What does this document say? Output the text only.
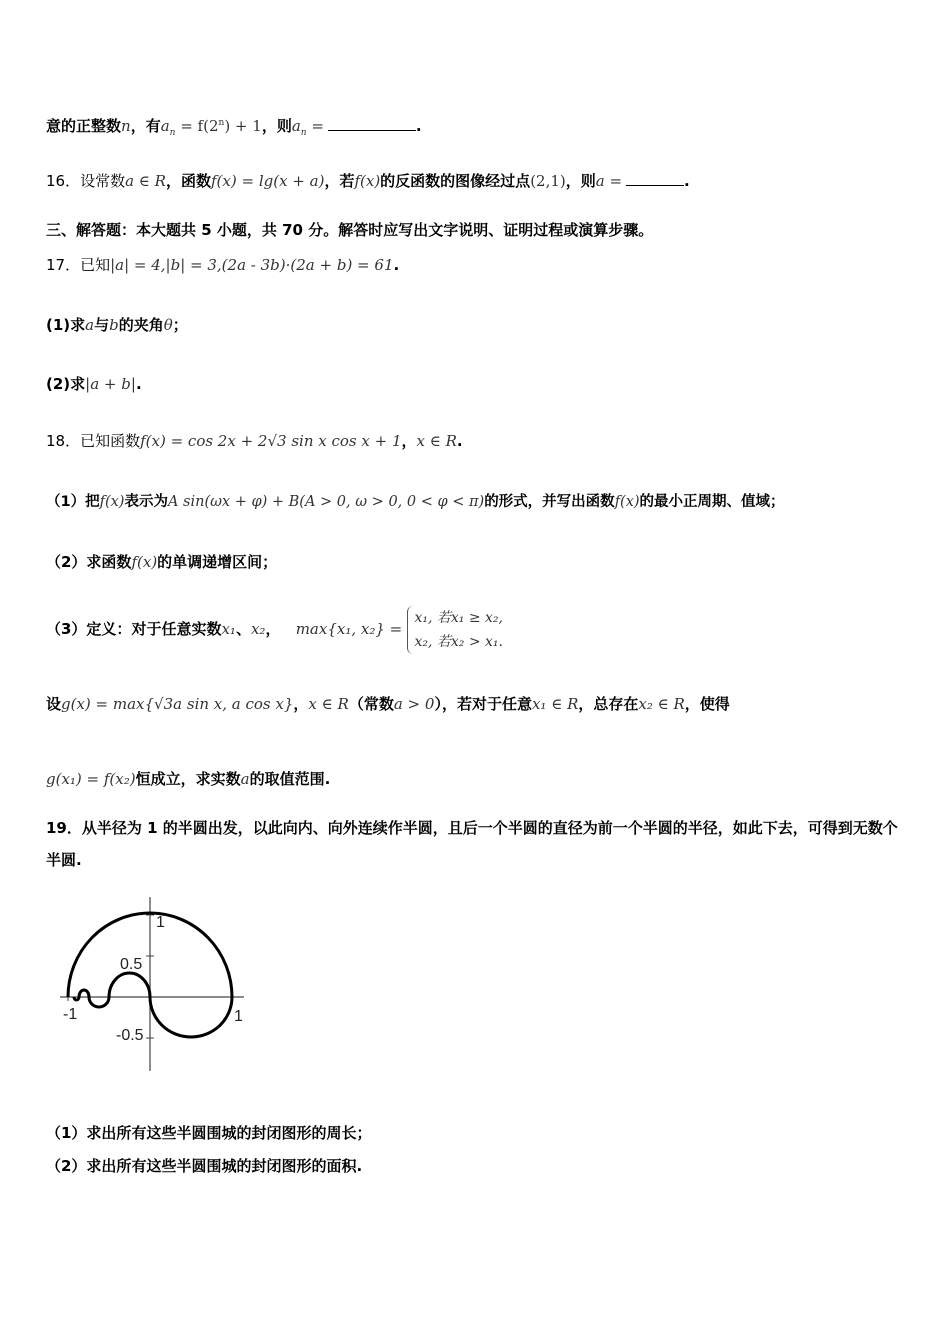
意的正整数n，有$a_n = f(2^n) + 1$，则$a_n$ =	.
16．设常数a ∈ R，函数f(x) = lg(x + a)，若f(x)的反函数的图像经过点(2,1)，则a =	.
三、解答题：本大题共 5 小题，共 70 分。解答时应写出文字说明、证明过程或演算步骤。
17．已知|a| = 4,|b| = 3,(2a - 3b)·(2a + b) = 61.
(1)求a与b的夹角θ；
(2)求|a + b|.
18．已知函数f(x) = cos 2x + 2√3 sin x cos x + 1，x ∈ R.
（1）把f(x)表示为A sin(ωx + φ) + B(A > 0, ω > 0, 0 < φ < π)的形式，并写出函数f(x)的最小正周期、值域；
（2）求函数f(x)的单调递增区间；
（3）定义：对于任意实数x₁、x₂， max{x₁, x₂} = x₁, 若x₁ ≥ x₂,
x₂, 若x₂ > x₁.
设g(x) = max{√3a sin x, a cos x}，x ∈ R（常数a > 0），若对于任意x₁ ∈ R，总存在x₂ ∈ R，使得
g(x₁) = f(x₂)恒成立，求实数a的取值范围.
19．从半径为 1 的半圆出发，以此向内、向外连续作半圆，且后一个半圆的直径为前一个半圆的半径，如此下去，可得到无数个半圆.
1
0.5
-1	1
-0.5
（1）求出所有这些半圆围城的封闭图形的周长；
（2）求出所有这些半圆围城的封闭图形的面积.
